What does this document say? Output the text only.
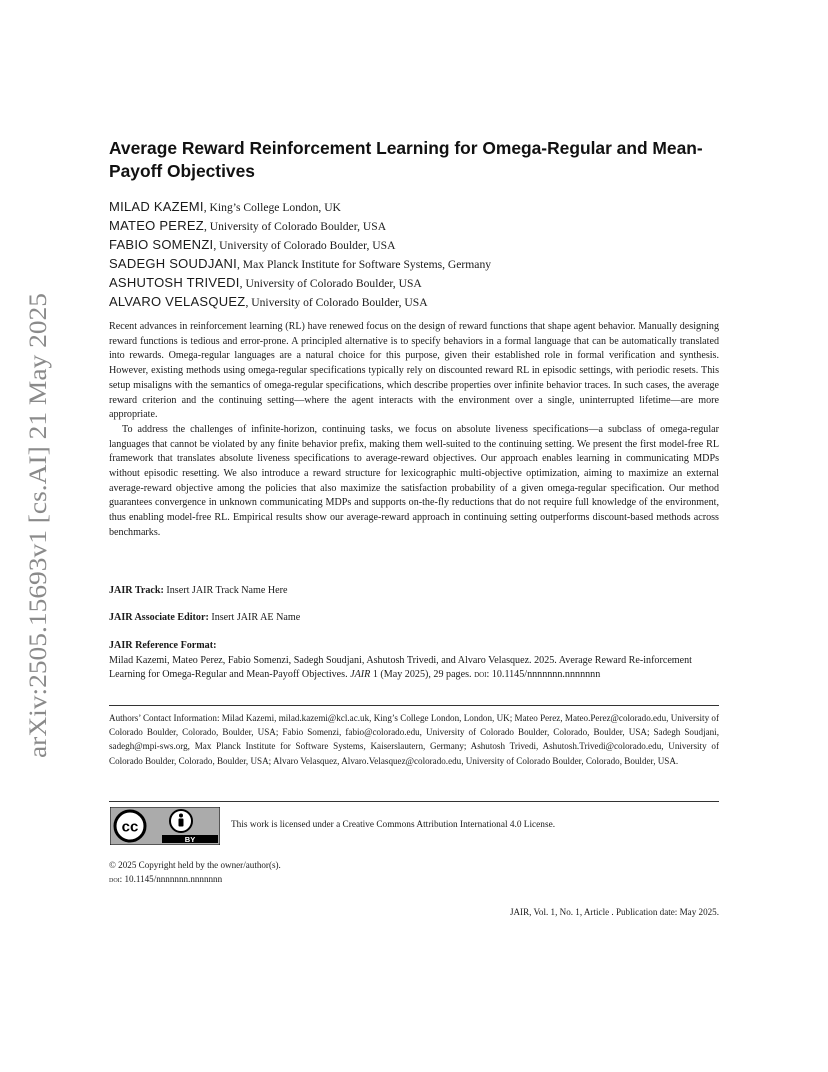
arXiv:2505.15693v1 [cs.AI] 21 May 2025
Average Reward Reinforcement Learning for Omega-Regular and Mean-Payoff Objectives
MILAD KAZEMI, King’s College London, UK
MATEO PEREZ, University of Colorado Boulder, USA
FABIO SOMENZI, University of Colorado Boulder, USA
SADEGH SOUDJANI, Max Planck Institute for Software Systems, Germany
ASHUTOSH TRIVEDI, University of Colorado Boulder, USA
ALVARO VELASQUEZ, University of Colorado Boulder, USA

Recent advances in reinforcement learning (RL) have renewed focus on the design of reward functions that shape agent behavior. Manually designing reward functions is tedious and error-prone. A principled alternative is to specify behaviors in a formal language that can be automatically translated into rewards. Omega-regular languages are a natural choice for this purpose, given their established role in formal verification and synthesis. However, existing methods using omega-regular specifications typically rely on discounted reward RL in episodic settings, with periodic resets. This setup misaligns with the semantics of omega-regular specifications, which describe properties over infinite behavior traces. In such cases, the average reward criterion and the continuing setting—where the agent interacts with the environment over a single, uninterrupted lifetime—are more appropriate.

To address the challenges of infinite-horizon, continuing tasks, we focus on absolute liveness specifications—a subclass of omega-regular languages that cannot be violated by any finite behavior prefix, making them well-suited to the continuing setting. We present the first model-free RL framework that translates absolute liveness specifications to average-reward objectives. Our approach enables learning in communicating MDPs without episodic resetting. We also introduce a reward structure for lexicographic multi-objective optimization, aiming to maximize an external average-reward objective among the policies that also maximize the satisfaction probability of a given omega-regular specification. Our method guarantees convergence in unknown communicating MDPs and supports on-the-fly reductions that do not require full knowledge of the environment, thus enabling model-free RL. Empirical results show our average-reward approach in continuing setting outperforms discount-based methods across benchmarks.

JAIR Track: Insert JAIR Track Name Here
JAIR Associate Editor: Insert JAIR AE Name
JAIR Reference Format:
Milad Kazemi, Mateo Perez, Fabio Somenzi, Sadegh Soudjani, Ashutosh Trivedi, and Alvaro Velasquez. 2025. Average Reward Re-inforcement Learning for Omega-Regular and Mean-Payoff Objectives. JAIR 1 (May 2025), 29 pages. doi: 10.1145/nnnnnnn.nnnnnnn
Authors’ Contact Information: Milad Kazemi, milad.kazemi@kcl.ac.uk, King’s College London, London, UK; Mateo Perez, Mateo.Perez@colorado.edu, University of Colorado Boulder, Colorado, Boulder, USA; Fabio Somenzi, fabio@colorado.edu, University of Colorado Boulder, Colorado, Boulder, USA; Sadegh Soudjani, sadegh@mpi-sws.org, Max Planck Institute for Software Systems, Kaiserslautern, Germany; Ashutosh Trivedi, Ashutosh.Trivedi@colorado.edu, University of Colorado Boulder, Colorado, Boulder, USA; Alvaro Velasquez, Alvaro.Velasquez@colorado.edu, University of Colorado Boulder, Colorado, Boulder, USA.
cc
BY
This work is licensed under a Creative Commons Attribution International 4.0 License.
© 2025 Copyright held by the owner/author(s).
doi: 10.1145/nnnnnnn.nnnnnnn
JAIR, Vol. 1, No. 1, Article . Publication date: May 2025.
